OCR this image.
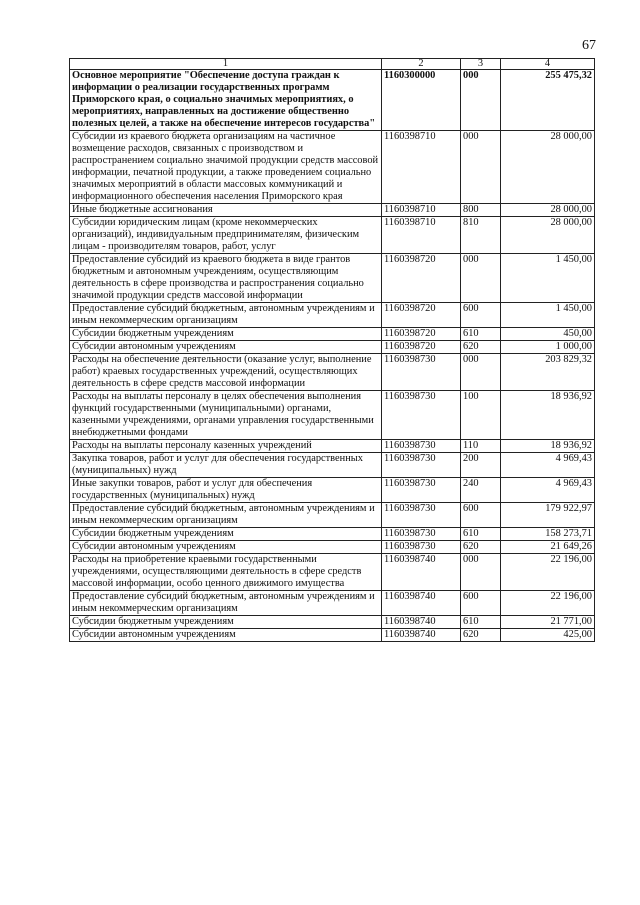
67
1	2	3	4
Основное мероприятие "Обеспечение доступа граждан к информации о реализации государственных программ Приморского края, о социально значимых мероприятиях, о мероприятиях, направленных на достижение общественно полезных целей, а также на обеспечение интересов государства"	1160300000	000	255 475,32
Субсидии из краевого бюджета организациям на частичное возмещение расходов, связанных с производством и распространением социально значимой продукции средств массовой информации, печатной продукции, а также проведением социально значимых мероприятий в области массовых коммуникаций и информационного обеспечения населения Приморского края	1160398710	000	28 000,00
Иные бюджетные ассигнования	1160398710	800	28 000,00
Субсидии юридическим лицам (кроме некоммерческих организаций), индивидуальным предпринимателям, физическим лицам - производителям товаров, работ, услуг	1160398710	810	28 000,00
Предоставление субсидий из краевого бюджета в виде грантов бюджетным и автономным учреждениям, осуществляющим деятельность в сфере производства и распространения социально значимой продукции средств массовой информации	1160398720	000	1 450,00
Предоставление субсидий бюджетным, автономным учреждениям и иным некоммерческим организациям	1160398720	600	1 450,00
Субсидии бюджетным учреждениям	1160398720	610	450,00
Субсидии автономным учреждениям	1160398720	620	1 000,00
Расходы на обеспечение деятельности (оказание услуг, выполнение работ) краевых государственных учреждений, осуществляющих деятельность в сфере средств массовой информации	1160398730	000	203 829,32
Расходы на выплаты персоналу в целях обеспечения выполнения функций государственными (муниципальными) органами, казенными учреждениями, органами управления государственными внебюджетными фондами	1160398730	100	18 936,92
Расходы на выплаты персоналу казенных учреждений	1160398730	110	18 936,92
Закупка товаров, работ и услуг для обеспечения государственных (муниципальных) нужд	1160398730	200	4 969,43
Иные закупки товаров, работ и услуг для обеспечения государственных (муниципальных) нужд	1160398730	240	4 969,43
Предоставление субсидий бюджетным, автономным учреждениям и иным некоммерческим организациям	1160398730	600	179 922,97
Субсидии бюджетным учреждениям	1160398730	610	158 273,71
Субсидии автономным учреждениям	1160398730	620	21 649,26
Расходы на приобретение краевыми государственными учреждениями, осуществляющими деятельность в сфере средств массовой информации, особо ценного движимого имущества	1160398740	000	22 196,00
Предоставление субсидий бюджетным, автономным учреждениям и иным некоммерческим организациям	1160398740	600	22 196,00
Субсидии бюджетным учреждениям	1160398740	610	21 771,00
Субсидии автономным учреждениям	1160398740	620	425,00
